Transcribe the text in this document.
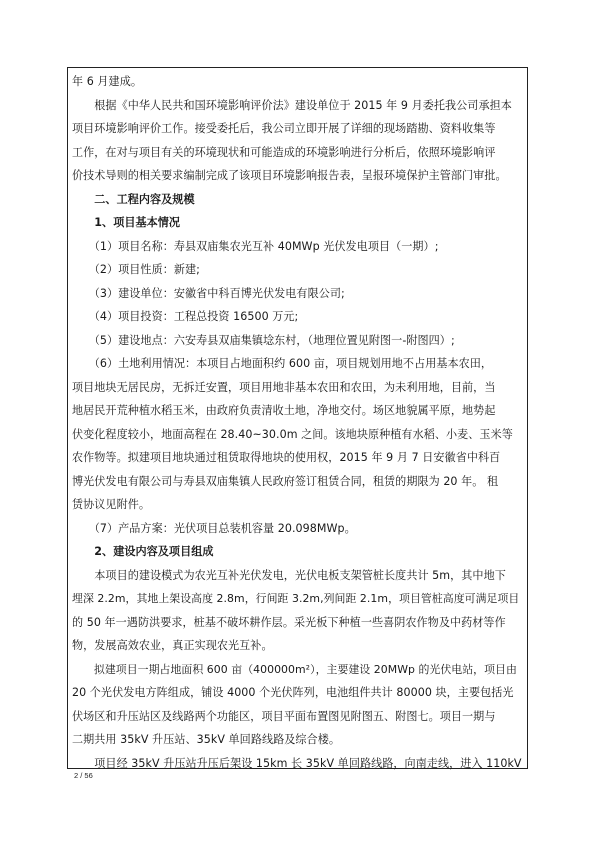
年 6 月建成。
　　根据《中华人民共和国环境影响评价法》建设单位于 2015 年 9 月委托我公司承担本
项目环境影响评价工作。接受委托后，我公司立即开展了详细的现场踏勘、资料收集等
工作，在对与项目有关的环境现状和可能造成的环境影响进行分析后，依照环境影响评
价技术导则的相关要求编制完成了该项目环境影响报告表，呈报环境保护主管部门审批。
　　二、工程内容及规模
　　1、项目基本情况
　　（1）项目名称：寿县双庙集农光互补 40MWp 光伏发电项目（一期）;
　　（2）项目性质：新建;
　　（3）建设单位：安徽省中科百博光伏发电有限公司;
　　（4）项目投资：工程总投资 16500 万元;
　　（5）建设地点：六安寿县双庙集镇埝东村，（地理位置见附图一-附图四）;
　　（6）土地利用情况：本项目占地面积约 600 亩，项目规划用地不占用基本农田，
项目地块无居民房，无拆迁安置，项目用地非基本农田和农田，为未利用地，目前，当
地居民开荒种植水稻玉米，由政府负责清收土地，净地交付。场区地貌属平原，地势起
伏变化程度较小，地面高程在 28.40~30.0m 之间。该地块原种植有水稻、小麦、玉米等
农作物等。拟建项目地块通过租赁取得地块的使用权，2015 年 9 月 7 日安徽省中科百
博光伏发电有限公司与寿县双庙集镇人民政府签订租赁合同，租赁的期限为 20 年。 租
赁协议见附件。
　　（7）产品方案：光伏项目总装机容量 20.098MWp。
　　2、建设内容及项目组成
　　本项目的建设模式为农光互补光伏发电，光伏电板支架管桩长度共计 5m，其中地下
埋深 2.2m，其地上架设高度 2.8m，行间距 3.2m,列间距 2.1m，项目管桩高度可满足项目
的 50 年一遇防洪要求，桩基不破坏耕作层。采光板下种植一些喜阴农作物及中药材等作
物，发展高效农业，真正实现农光互补。
　　拟建项目一期占地面积 600 亩（400000m²），主要建设 20MWp 的光伏电站，项目由
20 个光伏发电方阵组成，铺设 4000 个光伏阵列，电池组件共计 80000 块，主要包括光
伏场区和升压站区及线路两个功能区，项目平面布置图见附图五、附图七。项目一期与
二期共用 35kV 升压站、35kV 单回路线路及综合楼。
　　项目经 35kV 升压站升压后架设 15km 长 35kV 单回路线路，向南走线，进入 110kV
2 / 56
